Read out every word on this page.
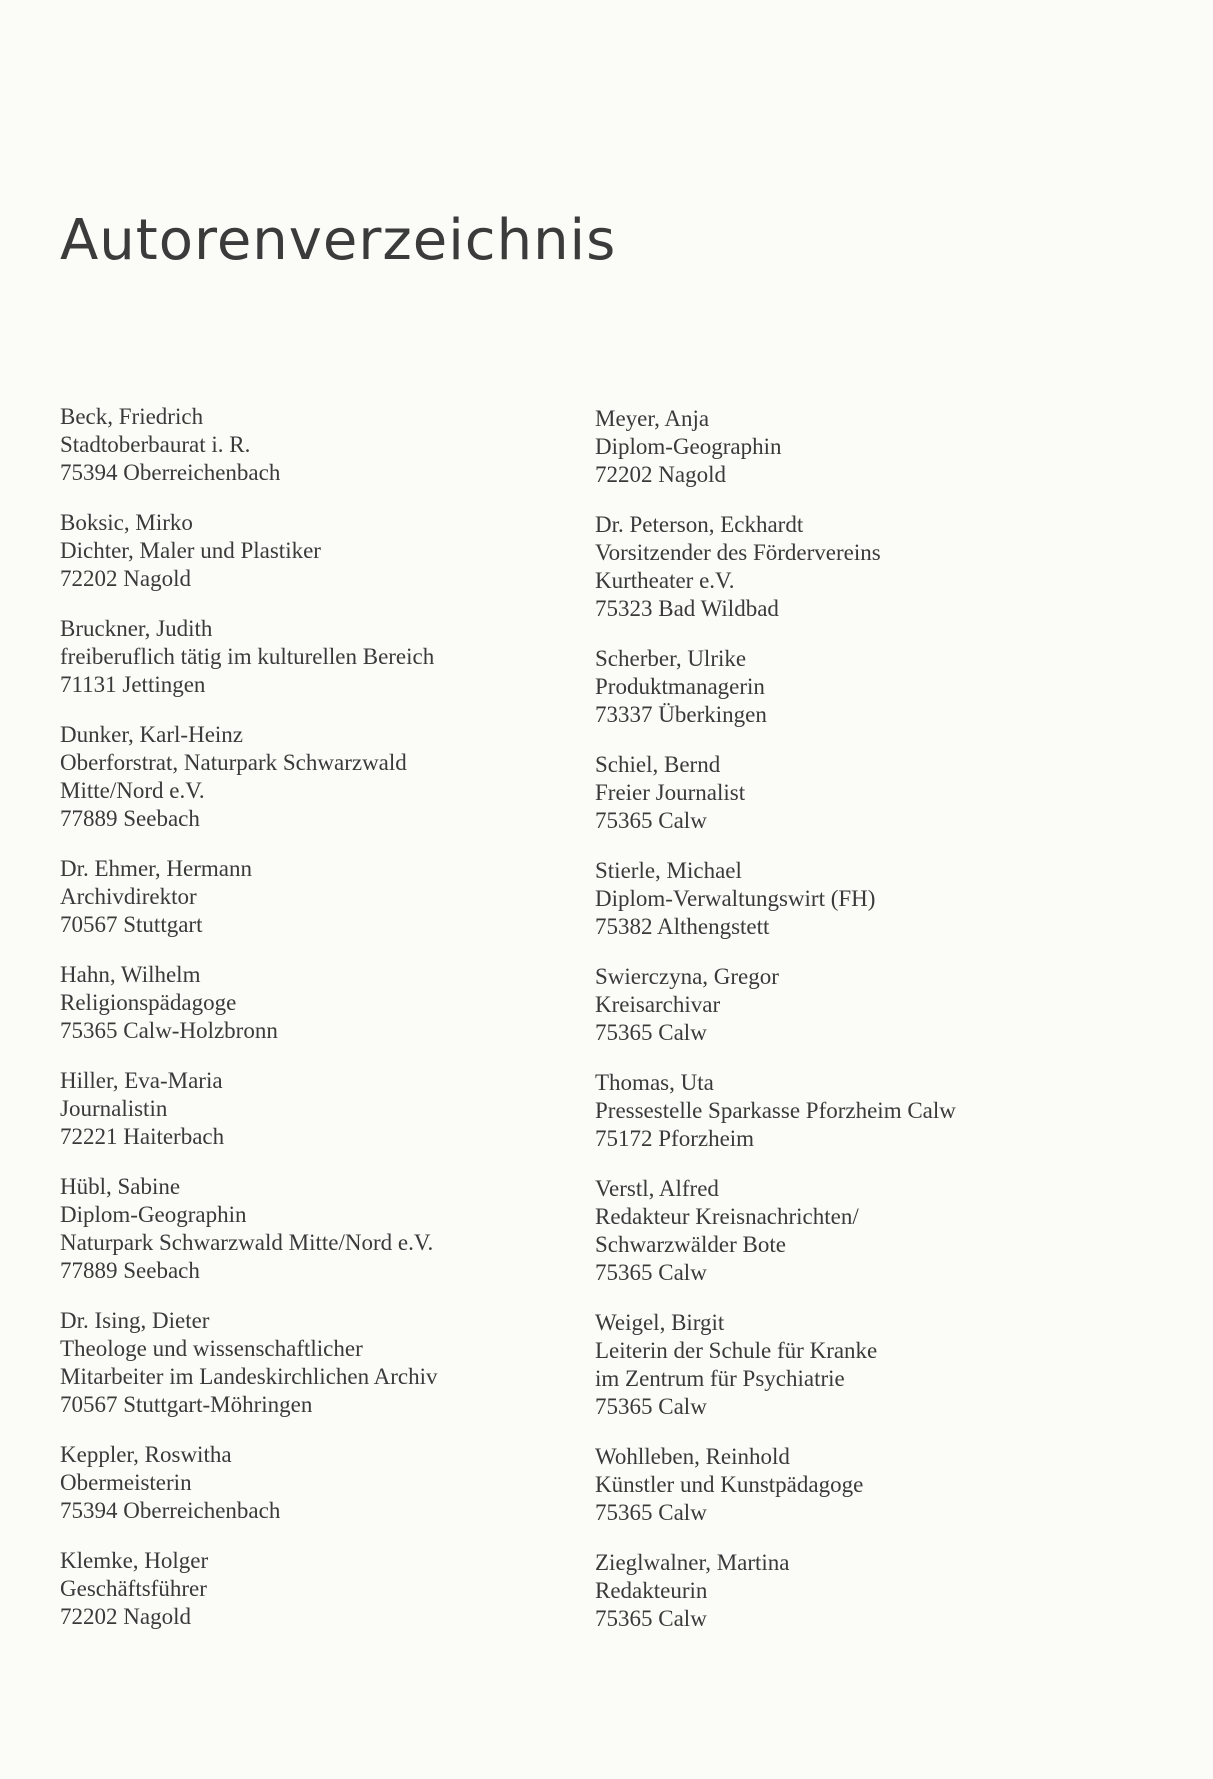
Autorenverzeichnis
Beck, Friedrich
Stadtoberbaurat i. R.
75394 Oberreichenbach
Boksic, Mirko
Dichter, Maler und Plastiker
72202 Nagold
Bruckner, Judith
freiberuflich tätig im kulturellen Bereich
71131 Jettingen
Dunker, Karl-Heinz
Oberforstrat, Naturpark Schwarzwald
Mitte/Nord e.V.
77889 Seebach
Dr. Ehmer, Hermann
Archivdirektor
70567 Stuttgart
Hahn, Wilhelm
Religionspädagoge
75365 Calw-Holzbronn
Hiller, Eva-Maria
Journalistin
72221 Haiterbach
Hübl, Sabine
Diplom-Geographin
Naturpark Schwarzwald Mitte/Nord e.V.
77889 Seebach
Dr. Ising, Dieter
Theologe und wissenschaftlicher
Mitarbeiter im Landeskirchlichen Archiv
70567 Stuttgart-Möhringen
Keppler, Roswitha
Obermeisterin
75394 Oberreichenbach
Klemke, Holger
Geschäftsführer
72202 Nagold
Meyer, Anja
Diplom-Geographin
72202 Nagold
Dr. Peterson, Eckhardt
Vorsitzender des Fördervereins
Kurtheater e.V.
75323 Bad Wildbad
Scherber, Ulrike
Produktmanagerin
73337 Überkingen
Schiel, Bernd
Freier Journalist
75365 Calw
Stierle, Michael
Diplom-Verwaltungswirt (FH)
75382 Althengstett
Swierczyna, Gregor
Kreisarchivar
75365 Calw
Thomas, Uta
Pressestelle Sparkasse Pforzheim Calw
75172 Pforzheim
Verstl, Alfred
Redakteur Kreisnachrichten/
Schwarzwälder Bote
75365 Calw
Weigel, Birgit
Leiterin der Schule für Kranke
im Zentrum für Psychiatrie
75365 Calw
Wohlleben, Reinhold
Künstler und Kunstpädagoge
75365 Calw
Zieglwalner, Martina
Redakteurin
75365 Calw
